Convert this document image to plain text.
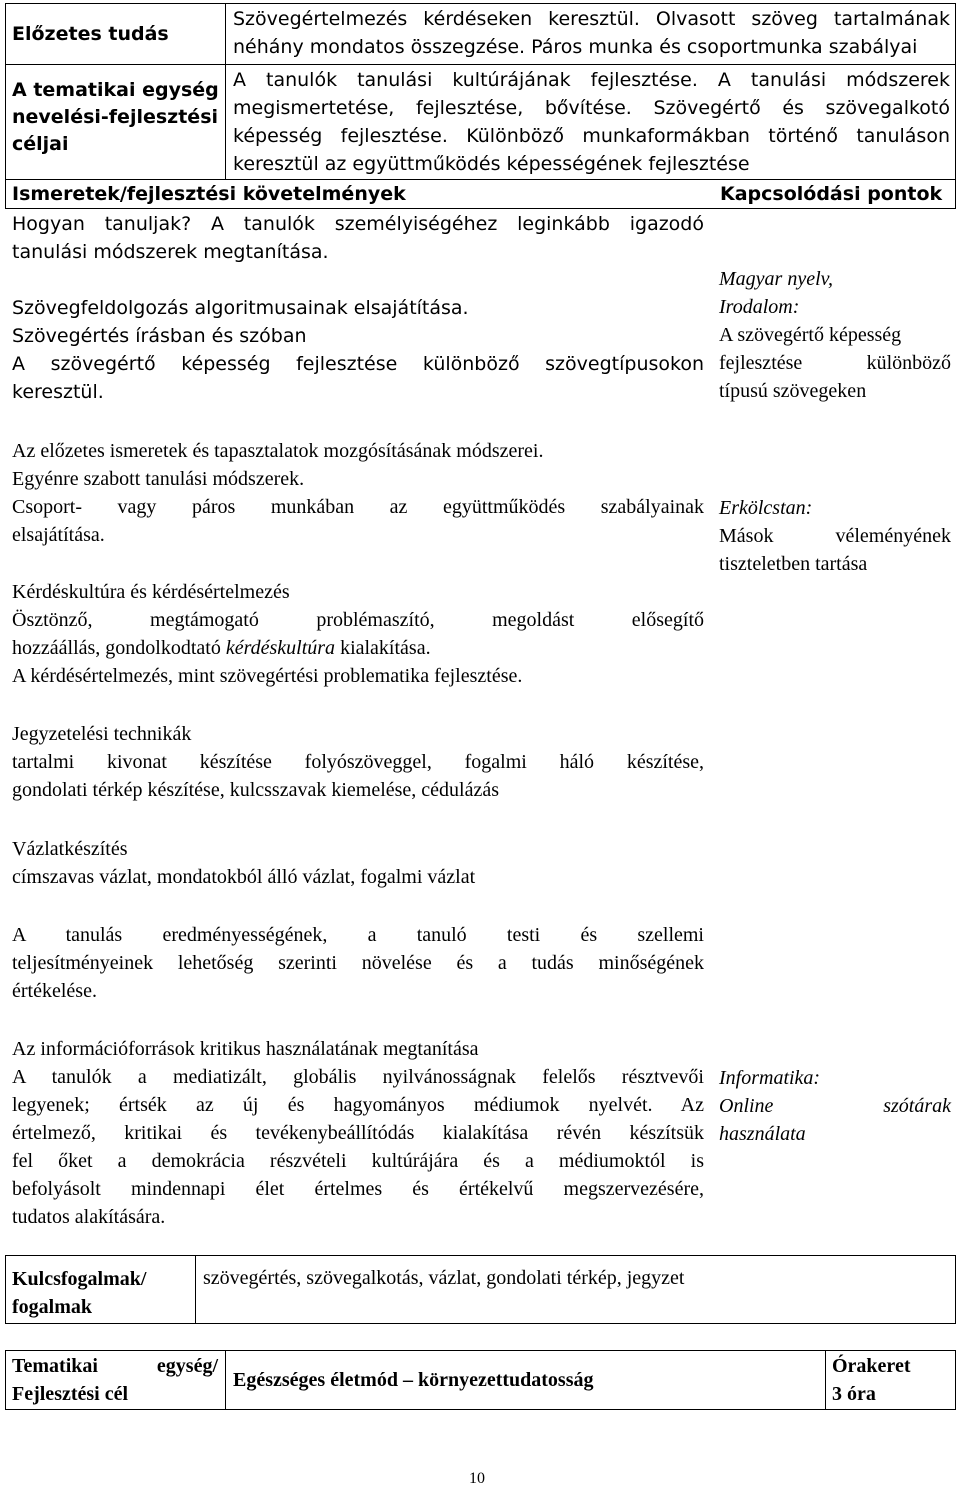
Előzetes tudás
Szövegértelmezés kérdéseken keresztül. Olvasott szöveg tartalmának
néhány mondatos összegzése. Páros munka és csoportmunka szabályai
A tematikai egység
nevelési-fejlesztési
céljai
A tanulók tanulási kultúrájának fejlesztése. A tanulási módszerek
megismertetése, fejlesztése, bővítése. Szövegértő és szövegalkotó
képesség fejlesztése. Különböző munkaformákban történő tanuláson
keresztül az együttműködés képességének fejlesztése
Ismeretek/fejlesztési követelmények	Kapcsolódási pontok
Hogyan tanuljak? A tanulók személyiségéhez leginkább igazodó
tanulási módszerek megtanítása.
Szövegfeldolgozás algoritmusainak elsajátítása.
Szövegértés írásban és szóban
A szövegértő képesség fejlesztése különböző szövegtípusokon
keresztül.
Az előzetes ismeretek és tapasztalatok mozgósításának módszerei.
Egyénre szabott tanulási módszerek.
Csoport- vagy páros munkában az együttműködés szabályainak
elsajátítása.
Kérdéskultúra és kérdésértelmezés
Ösztönző, megtámogató problémaszító, megoldást elősegítő
hozzáállás, gondolkodtató kérdéskultúra kialakítása.
A kérdésértelmezés, mint szövegértési problematika fejlesztése.
Jegyzetelési technikák
tartalmi kivonat készítése folyószöveggel, fogalmi háló készítése,
gondolati térkép készítése, kulcsszavak kiemelése, cédulázás
Vázlatkészítés
címszavas vázlat, mondatokból álló vázlat, fogalmi vázlat
A tanulás eredményességének, a tanuló testi és szellemi
teljesítményeinek lehetőség szerinti növelése és a tudás minőségének
értékelése.
Az információforrások kritikus használatának megtanítása
A tanulók a mediatizált, globális nyilvánosságnak felelős résztvevői
legyenek; értsék az új és hagyományos médiumok nyelvét. Az
értelmező, kritikai és tevékenybeállítódás kialakítása révén készítsük
fel őket a demokrácia részvételi kultúrájára és a médiumoktól is
befolyásolt mindennapi élet értelmes és értékelvű megszervezésére,
tudatos alakítására.
Magyar nyelv,
Irodalom:
A szövegértő képesség
fejlesztése különböző
típusú szövegeken
Erkölcstan:
Mások véleményének
tiszteletben tartása
Informatika:
Online szótárak
használata
Kulcsfogalmak/
fogalmak
szövegértés, szövegalkotás, vázlat, gondolati térkép, jegyzet
Tematikai egység/
Fejlesztési cél
Egészséges életmód – környezettudatosság
Órakeret
3 óra
10
